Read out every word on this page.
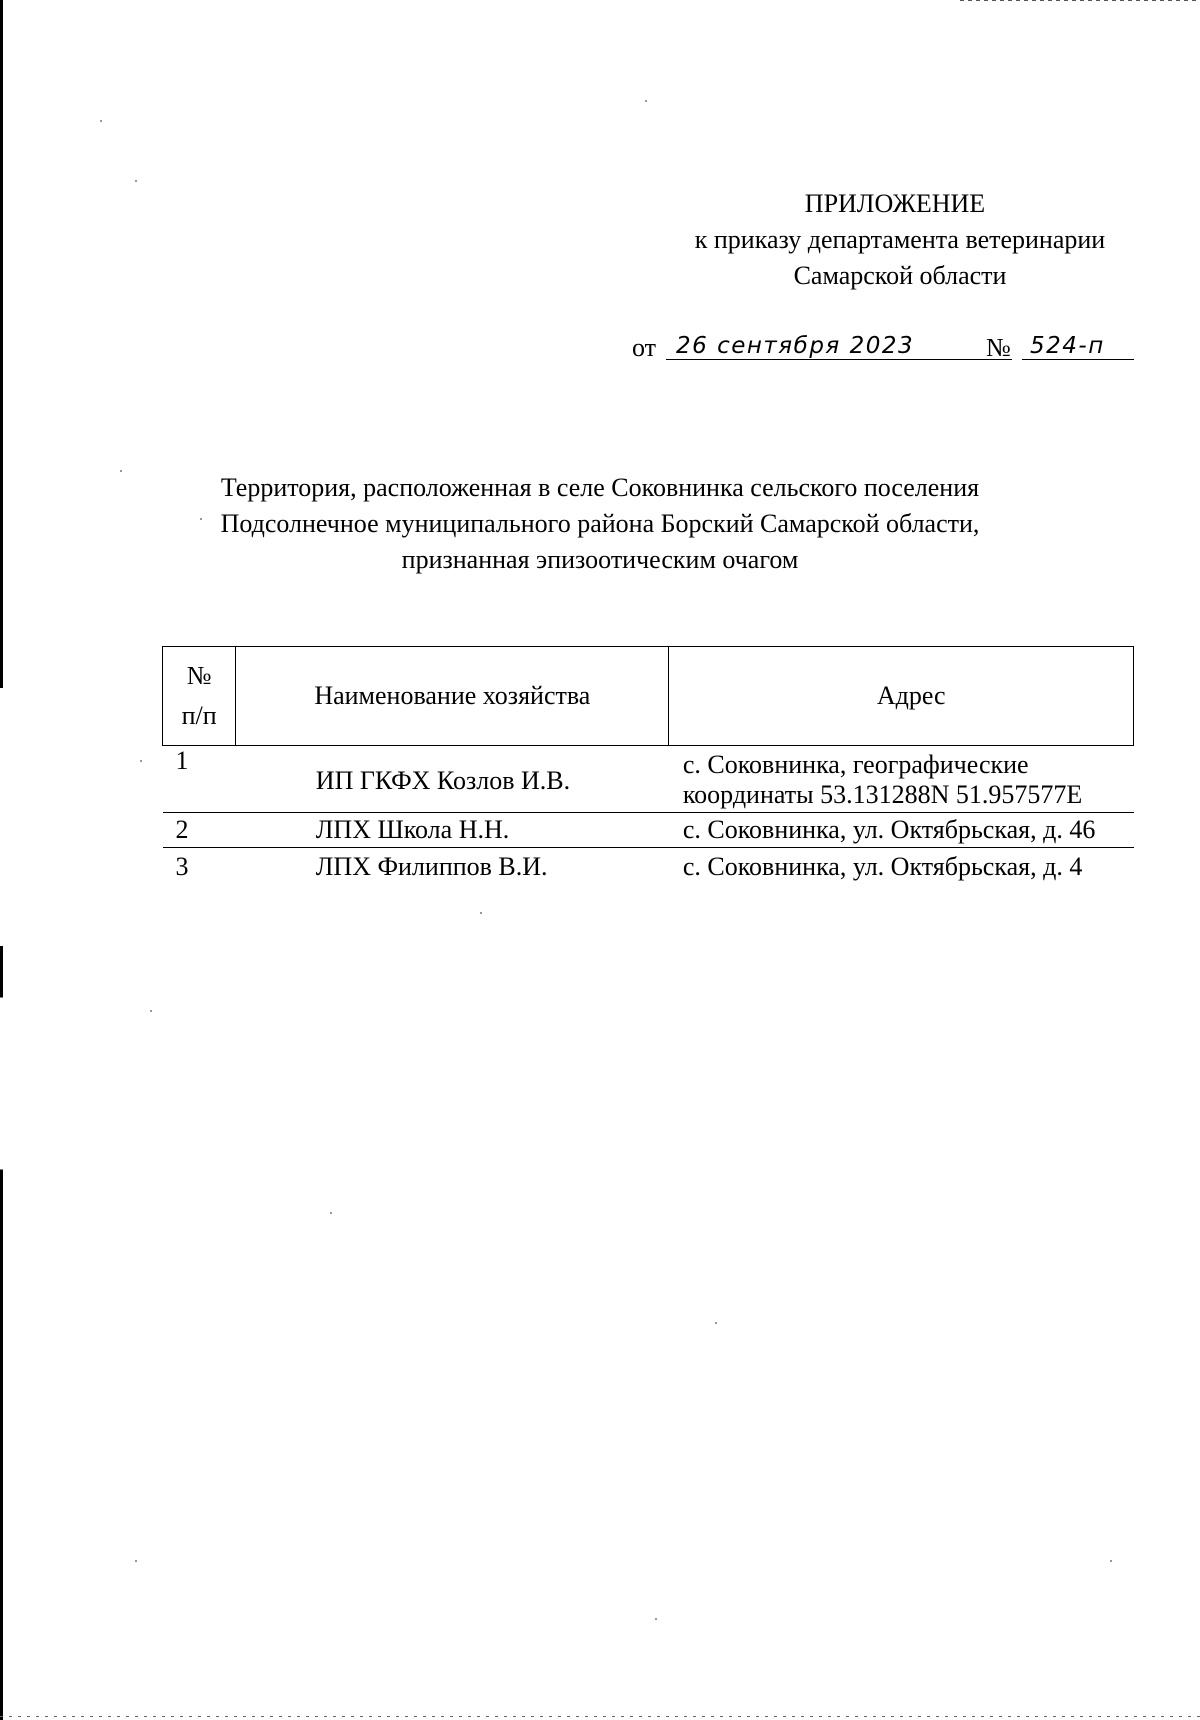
ПРИЛОЖЕНИЕ
к приказу департамента ветеринарии
Самарской области
от 26 сентября 2023	№ 524-п
Территория, расположенная в селе Соковнинка сельского поселения
Подсолнечное муниципального района Борский Самарской области,
признанная эпизоотическим очагом
№
п/п	Наименование хозяйства	Адрес
1	ИП ГКФХ Козлов И.В.	с. Соковнинка, географические
координаты 53.131288N 51.957577E

2	ЛПХ Школа Н.Н.	с. Соковнинка, ул. Октябрьская, д. 46
3	ЛПХ Филиппов В.И.	с. Соковнинка, ул. Октябрьская, д. 4
